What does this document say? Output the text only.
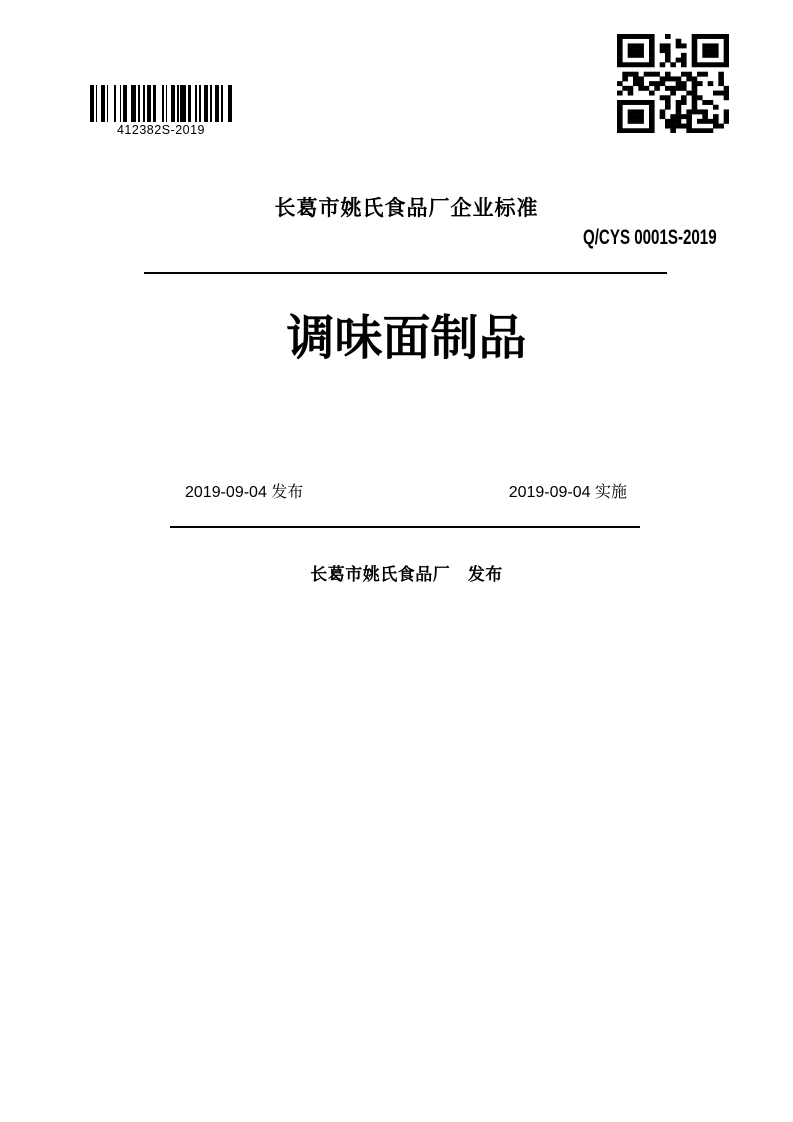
412382S-2019
长葛市姚氏食品厂企业标准
Q/CYS 0001S-2019
调味面制品
2019-09-04 发布	2019-09-04 实施
长葛市姚氏食品厂　发布
